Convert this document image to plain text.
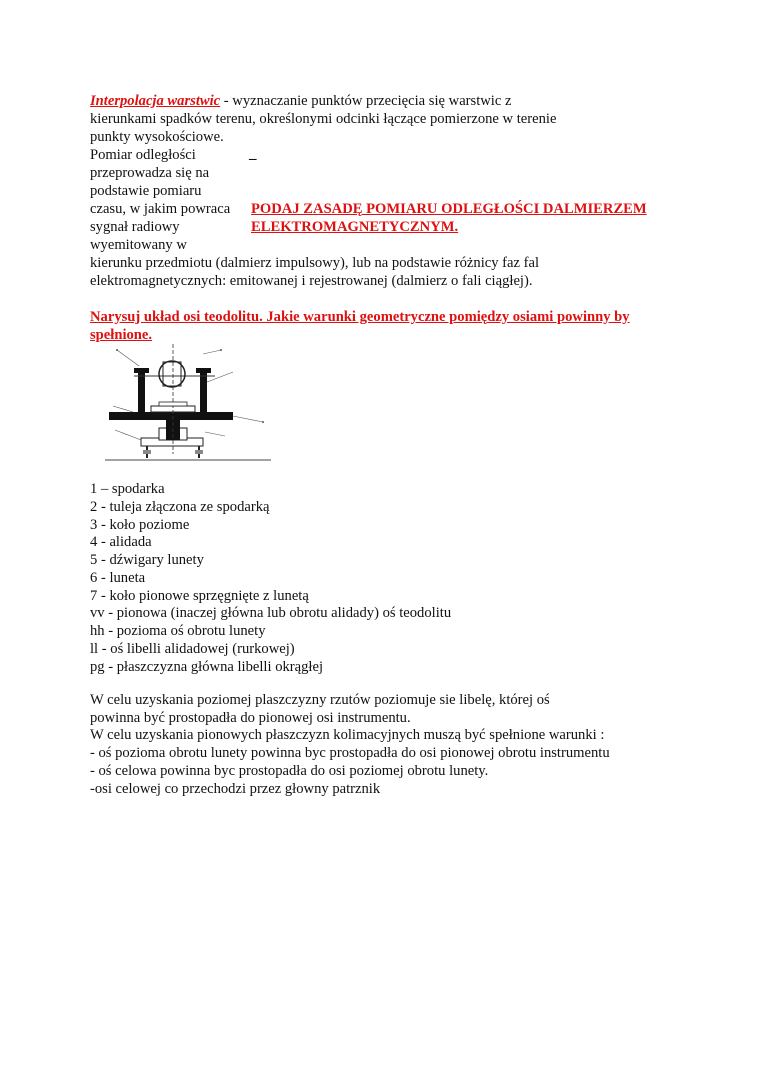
Interpolacja warstwic - wyznaczanie punktów przecięcia się warstwic z
kierunkami spadków terenu, określonymi odcinki łączące pomierzone w terenie
punkty wysokościowe.
Pomiar odległości
przeprowadza się na
podstawie pomiaru
czasu, w jakim powraca
sygnał radiowy
wyemitowany w
_
PODAJ ZASADĘ POMIARU ODLEGŁOŚCI DALMIERZEM
ELEKTROMAGNETYCZNYM.
kierunku przedmiotu (dalmierz impulsowy), lub na podstawie różnicy faz fal
elektromagnetycznych: emitowanej i rejestrowanej (dalmierz o fali ciągłej).
Narysuj układ osi teodolitu. Jakie warunki geometryczne pomiędzy osiami powinny by
spełnione.
1 – spodarka
2 - tuleja złączona ze spodarką
3 - koło poziome
4 - alidada
5 - dźwigary lunety
6 - luneta
7 - koło pionowe sprzęgnięte z lunetą
vv - pionowa (inaczej główna lub obrotu alidady) oś teodolitu
hh - pozioma oś obrotu lunety
ll - oś libelli alidadowej (rurkowej)
pg - płaszczyzna główna libelli okrągłej
W celu uzyskania poziomej plaszczyzny rzutów poziomuje sie libelę, której oś
powinna być prostopadła do pionowej osi instrumentu.
W celu uzyskania pionowych płaszczyzn kolimacyjnych muszą być spełnione warunki :
- oś pozioma obrotu lunety powinna byc prostopadła do osi pionowej obrotu instrumentu
- oś celowa powinna byc prostopadła do osi poziomej obrotu lunety.
-osi celowej co przechodzi przez głowny patrznik
